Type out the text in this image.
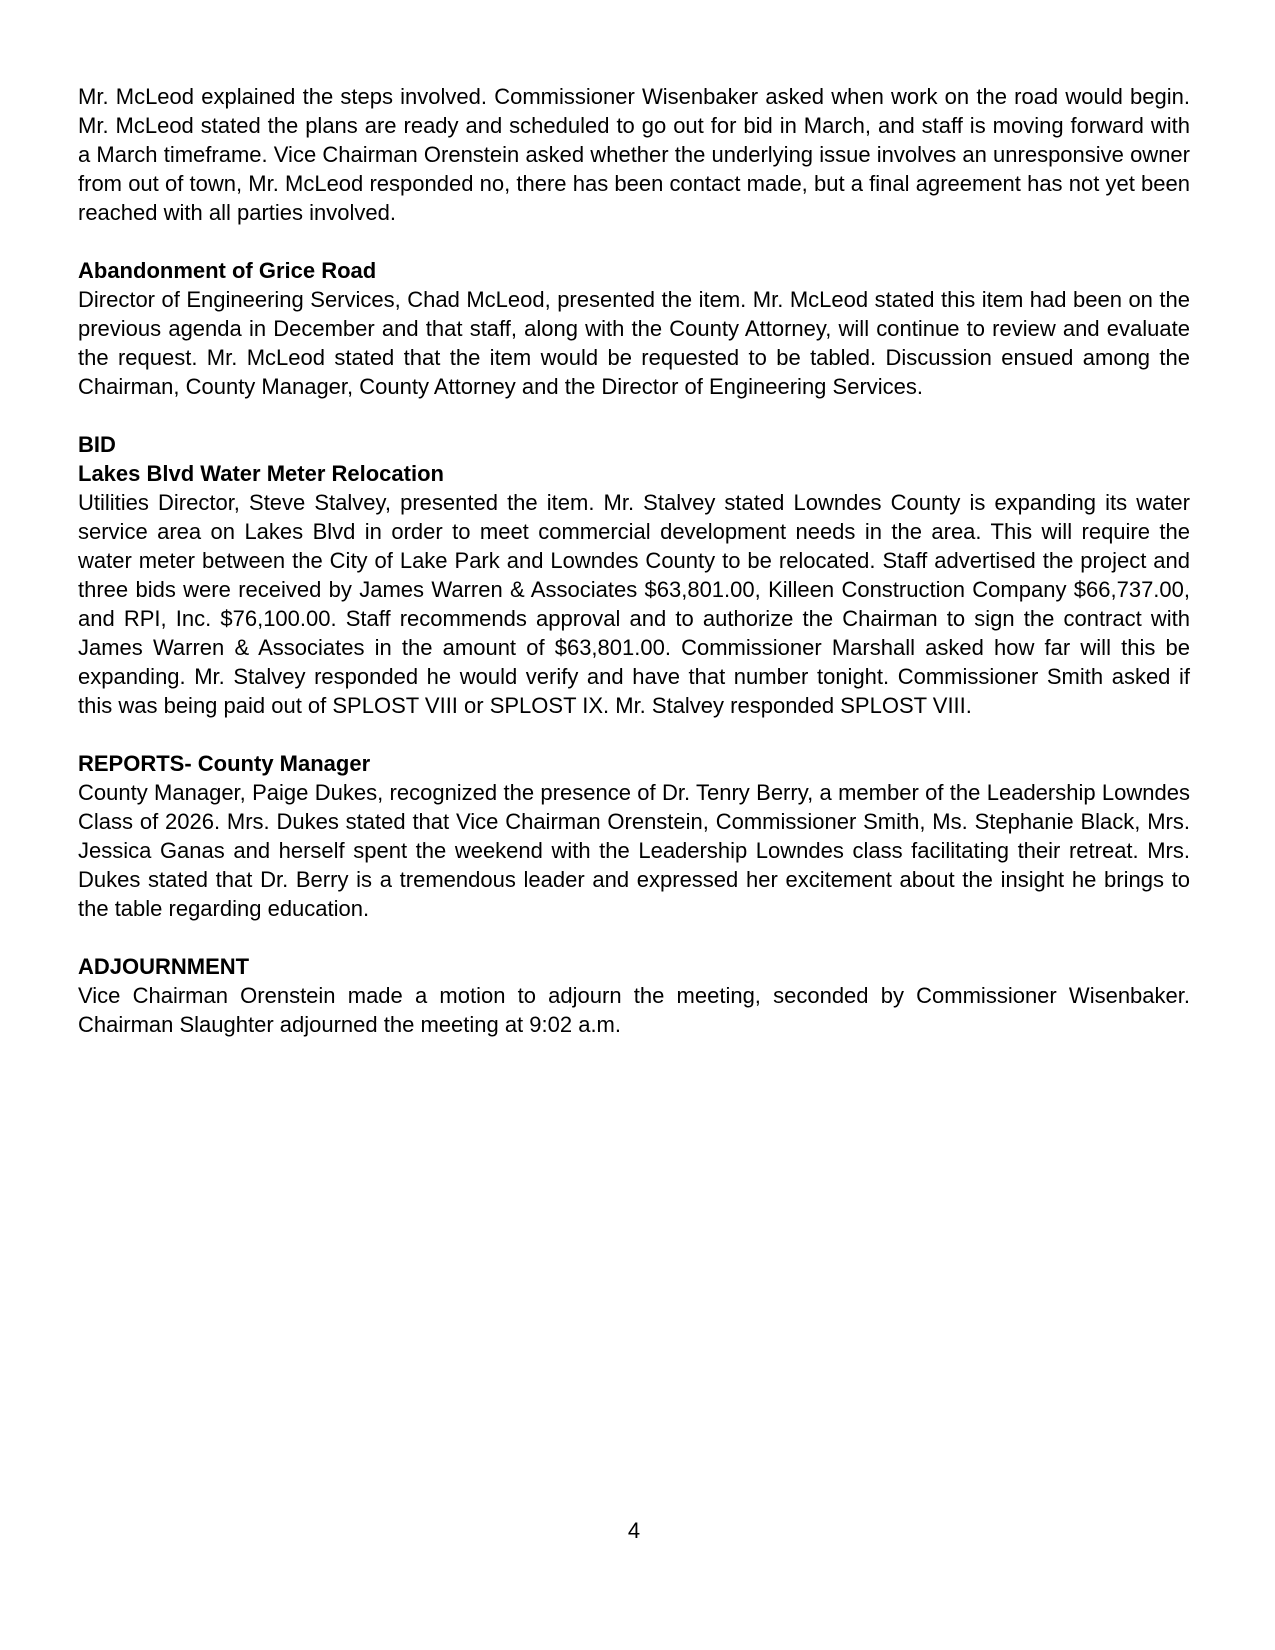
Mr. McLeod explained the steps involved. Commissioner Wisenbaker asked when work on the road would begin. Mr. McLeod stated the plans are ready and scheduled to go out for bid in March, and staff is moving forward with a March timeframe. Vice Chairman Orenstein asked whether the underlying issue involves an unresponsive owner from out of town, Mr. McLeod responded no, there has been contact made, but a final agreement has not yet been reached with all parties involved.

Abandonment of Grice Road

Director of Engineering Services, Chad McLeod, presented the item. Mr. McLeod stated this item had been on the previous agenda in December and that staff, along with the County Attorney, will continue to review and evaluate the request. Mr. McLeod stated that the item would be requested to be tabled. Discussion ensued among the Chairman, County Manager, County Attorney and the Director of Engineering Services.

BID
Lakes Blvd Water Meter Relocation

Utilities Director, Steve Stalvey, presented the item. Mr. Stalvey stated Lowndes County is expanding its water service area on Lakes Blvd in order to meet commercial development needs in the area. This will require the water meter between the City of Lake Park and Lowndes County to be relocated. Staff advertised the project and three bids were received by James Warren & Associates $63,801.00, Killeen Construction Company $66,737.00, and RPI, Inc. $76,100.00. Staff recommends approval and to authorize the Chairman to sign the contract with James Warren & Associates in the amount of $63,801.00. Commissioner Marshall asked how far will this be expanding. Mr. Stalvey responded he would verify and have that number tonight. Commissioner Smith asked if this was being paid out of SPLOST VIII or SPLOST IX. Mr. Stalvey responded SPLOST VIII.

REPORTS- County Manager

County Manager, Paige Dukes, recognized the presence of Dr. Tenry Berry, a member of the Leadership Lowndes Class of 2026. Mrs. Dukes stated that Vice Chairman Orenstein, Commissioner Smith, Ms. Stephanie Black, Mrs. Jessica Ganas and herself spent the weekend with the Leadership Lowndes class facilitating their retreat. Mrs. Dukes stated that Dr. Berry is a tremendous leader and expressed her excitement about the insight he brings to the table regarding education.

ADJOURNMENT

Vice Chairman Orenstein made a motion to adjourn the meeting, seconded by Commissioner Wisenbaker. Chairman Slaughter adjourned the meeting at 9:02 a.m.

4
